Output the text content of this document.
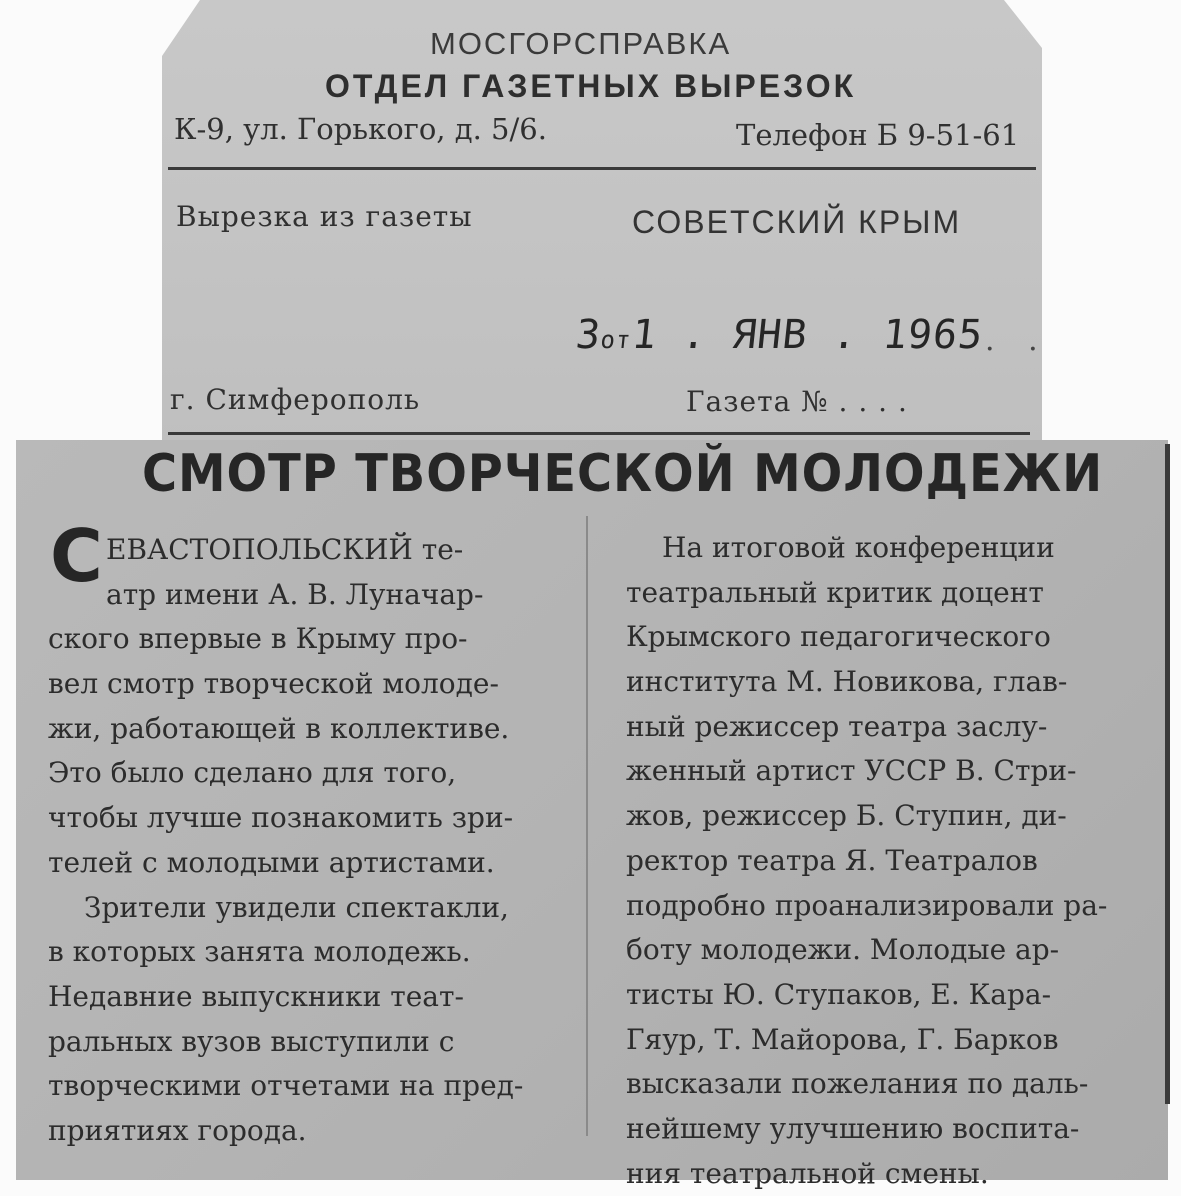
МОСГОРСПРАВКА
ОТДЕЛ ГАЗЕТНЫХ ВЫРЕЗОК
К-9, ул. Горького, д. 5/6.	Телефон Б 9-51-61
Вырезка из газеты	СОВЕТСКИЙ КРЫМ
3от1 . ЯНВ . 1965 · ·
г. Симферополь	Газета № . . . .
СМОТР ТВОРЧЕСКОЙ МОЛОДЕЖИ
С ЕВАСТОПОЛЬСКИЙ те-
атр имени А. В. Луначар-
ского впервые в Крыму про-
вел смотр творческой молоде-
жи, работающей в коллективе.
Это было сделано для того,
чтобы лучше познакомить зри-
телей с молодыми артистами.
Зрители увидели спектакли,
в которых занята молодежь.
Недавние выпускники теат-
ральных вузов выступили с
творческими отчетами на пред-
приятиях города.
На итоговой конференции
театральный критик доцент
Крымского педагогического
института М. Новикова, глав-
ный режиссер театра заслу-
женный артист УССР В. Стри-
жов, режиссер Б. Ступин, ди-
ректор театра Я. Театралов
подробно проанализировали ра-
боту молодежи. Молодые ар-
тисты Ю. Ступаков, Е. Кара-
Гяур, Т. Майорова, Г. Барков
высказали пожелания по даль-
нейшему улучшению воспита-
ния театральной смены.
